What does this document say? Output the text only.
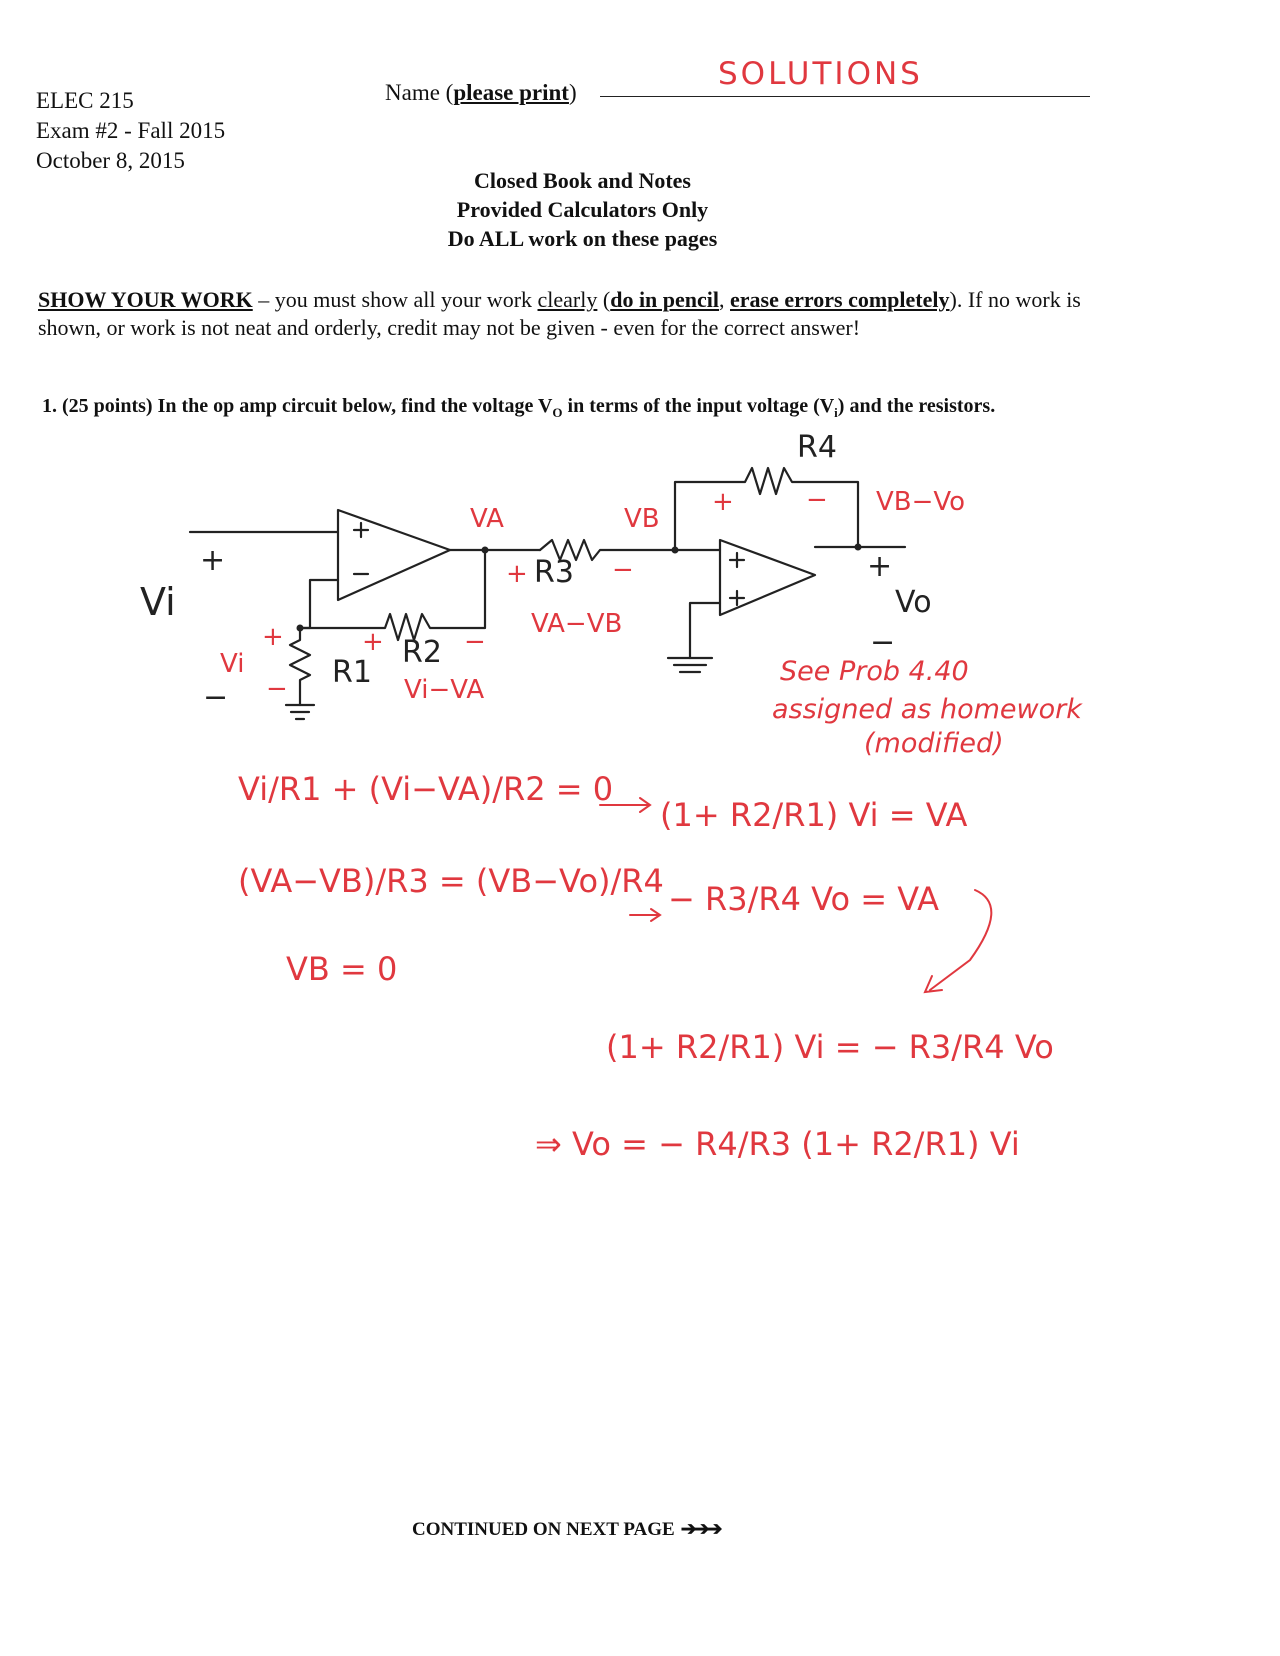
ELEC 215
Exam #2 - Fall 2015
October 8, 2015
Name (please print)
SOLUTIONS
Closed Book and Notes
Provided Calculators Only
Do ALL work on these pages
SHOW YOUR WORK – you must show all your work clearly (do in pencil, erase errors completely). If no work is shown, or work is not neat and orderly, credit may not be given - even for the correct answer!
1. (25 points) In the op amp circuit below, find the voltage $V_O$ in terms of the input voltage $(V_i)$ and the resistors.
R4
R3
R2
R1
Vi
+
−
Vo
+
−
VA	VB
VB−Vo
VA−VB
Vi−VA
Vi
+	−
+	−
+
−
+	−
See Prob 4.40
assigned as homework
(modified)
Vi/R1 + (Vi−VA)/R2 = 0
(1+ R2/R1) Vi = VA
(VA−VB)/R3 = (VB−Vo)/R4 − R3/R4 Vo = VA
VB = 0
(1+ R2/R1) Vi = − R3/R4 Vo
⇒ Vo = − R4/R3 (1+ R2/R1) Vi
CONTINUED ON NEXT PAGE ➔➔➔
